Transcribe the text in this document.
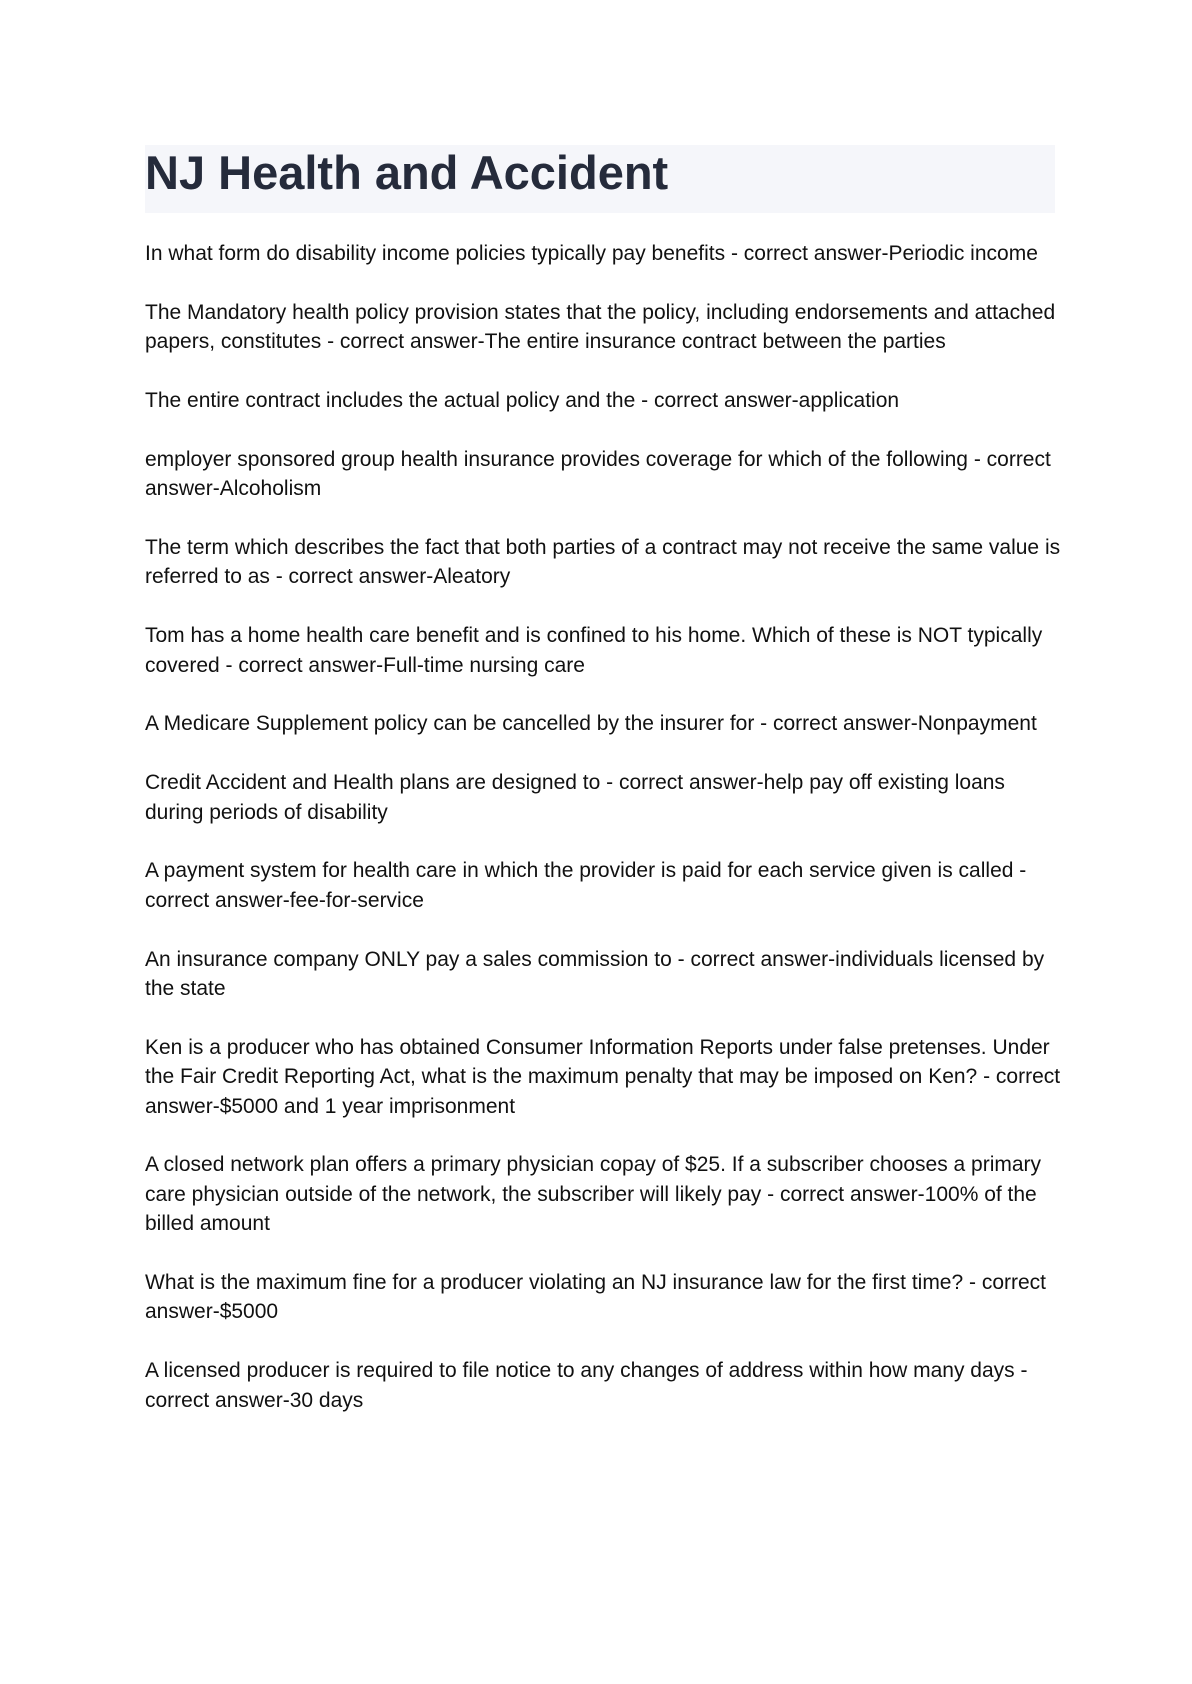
NJ Health and Accident
In what form do disability income policies typically pay benefits - correct answer-Periodic income
The Mandatory health policy provision states that the policy, including endorsements and attached papers, constitutes - correct answer-The entire insurance contract between the parties
The entire contract includes the actual policy and the - correct answer-application
employer sponsored group health insurance provides coverage for which of the following - correct answer-Alcoholism
The term which describes the fact that both parties of a contract may not receive the same value is referred to as - correct answer-Aleatory
Tom has a home health care benefit and is confined to his home. Which of these is NOT typically covered - correct answer-Full-time nursing care
A Medicare Supplement policy can be cancelled by the insurer for - correct answer-Nonpayment
Credit Accident and Health plans are designed to - correct answer-help pay off existing loans during periods of disability
A payment system for health care in which the provider is paid for each service given is called - correct answer-fee-for-service
An insurance company ONLY pay a sales commission to - correct answer-individuals licensed by the state
Ken is a producer who has obtained Consumer Information Reports under false pretenses. Under the Fair Credit Reporting Act, what is the maximum penalty that may be imposed on Ken? - correct answer-$5000 and 1 year imprisonment
A closed network plan offers a primary physician copay of $25. If a subscriber chooses a primary care physician outside of the network, the subscriber will likely pay - correct answer-100% of the billed amount
What is the maximum fine for a producer violating an NJ insurance law for the first time? - correct answer-$5000
A licensed producer is required to file notice to any changes of address within how many days - correct answer-30 days
